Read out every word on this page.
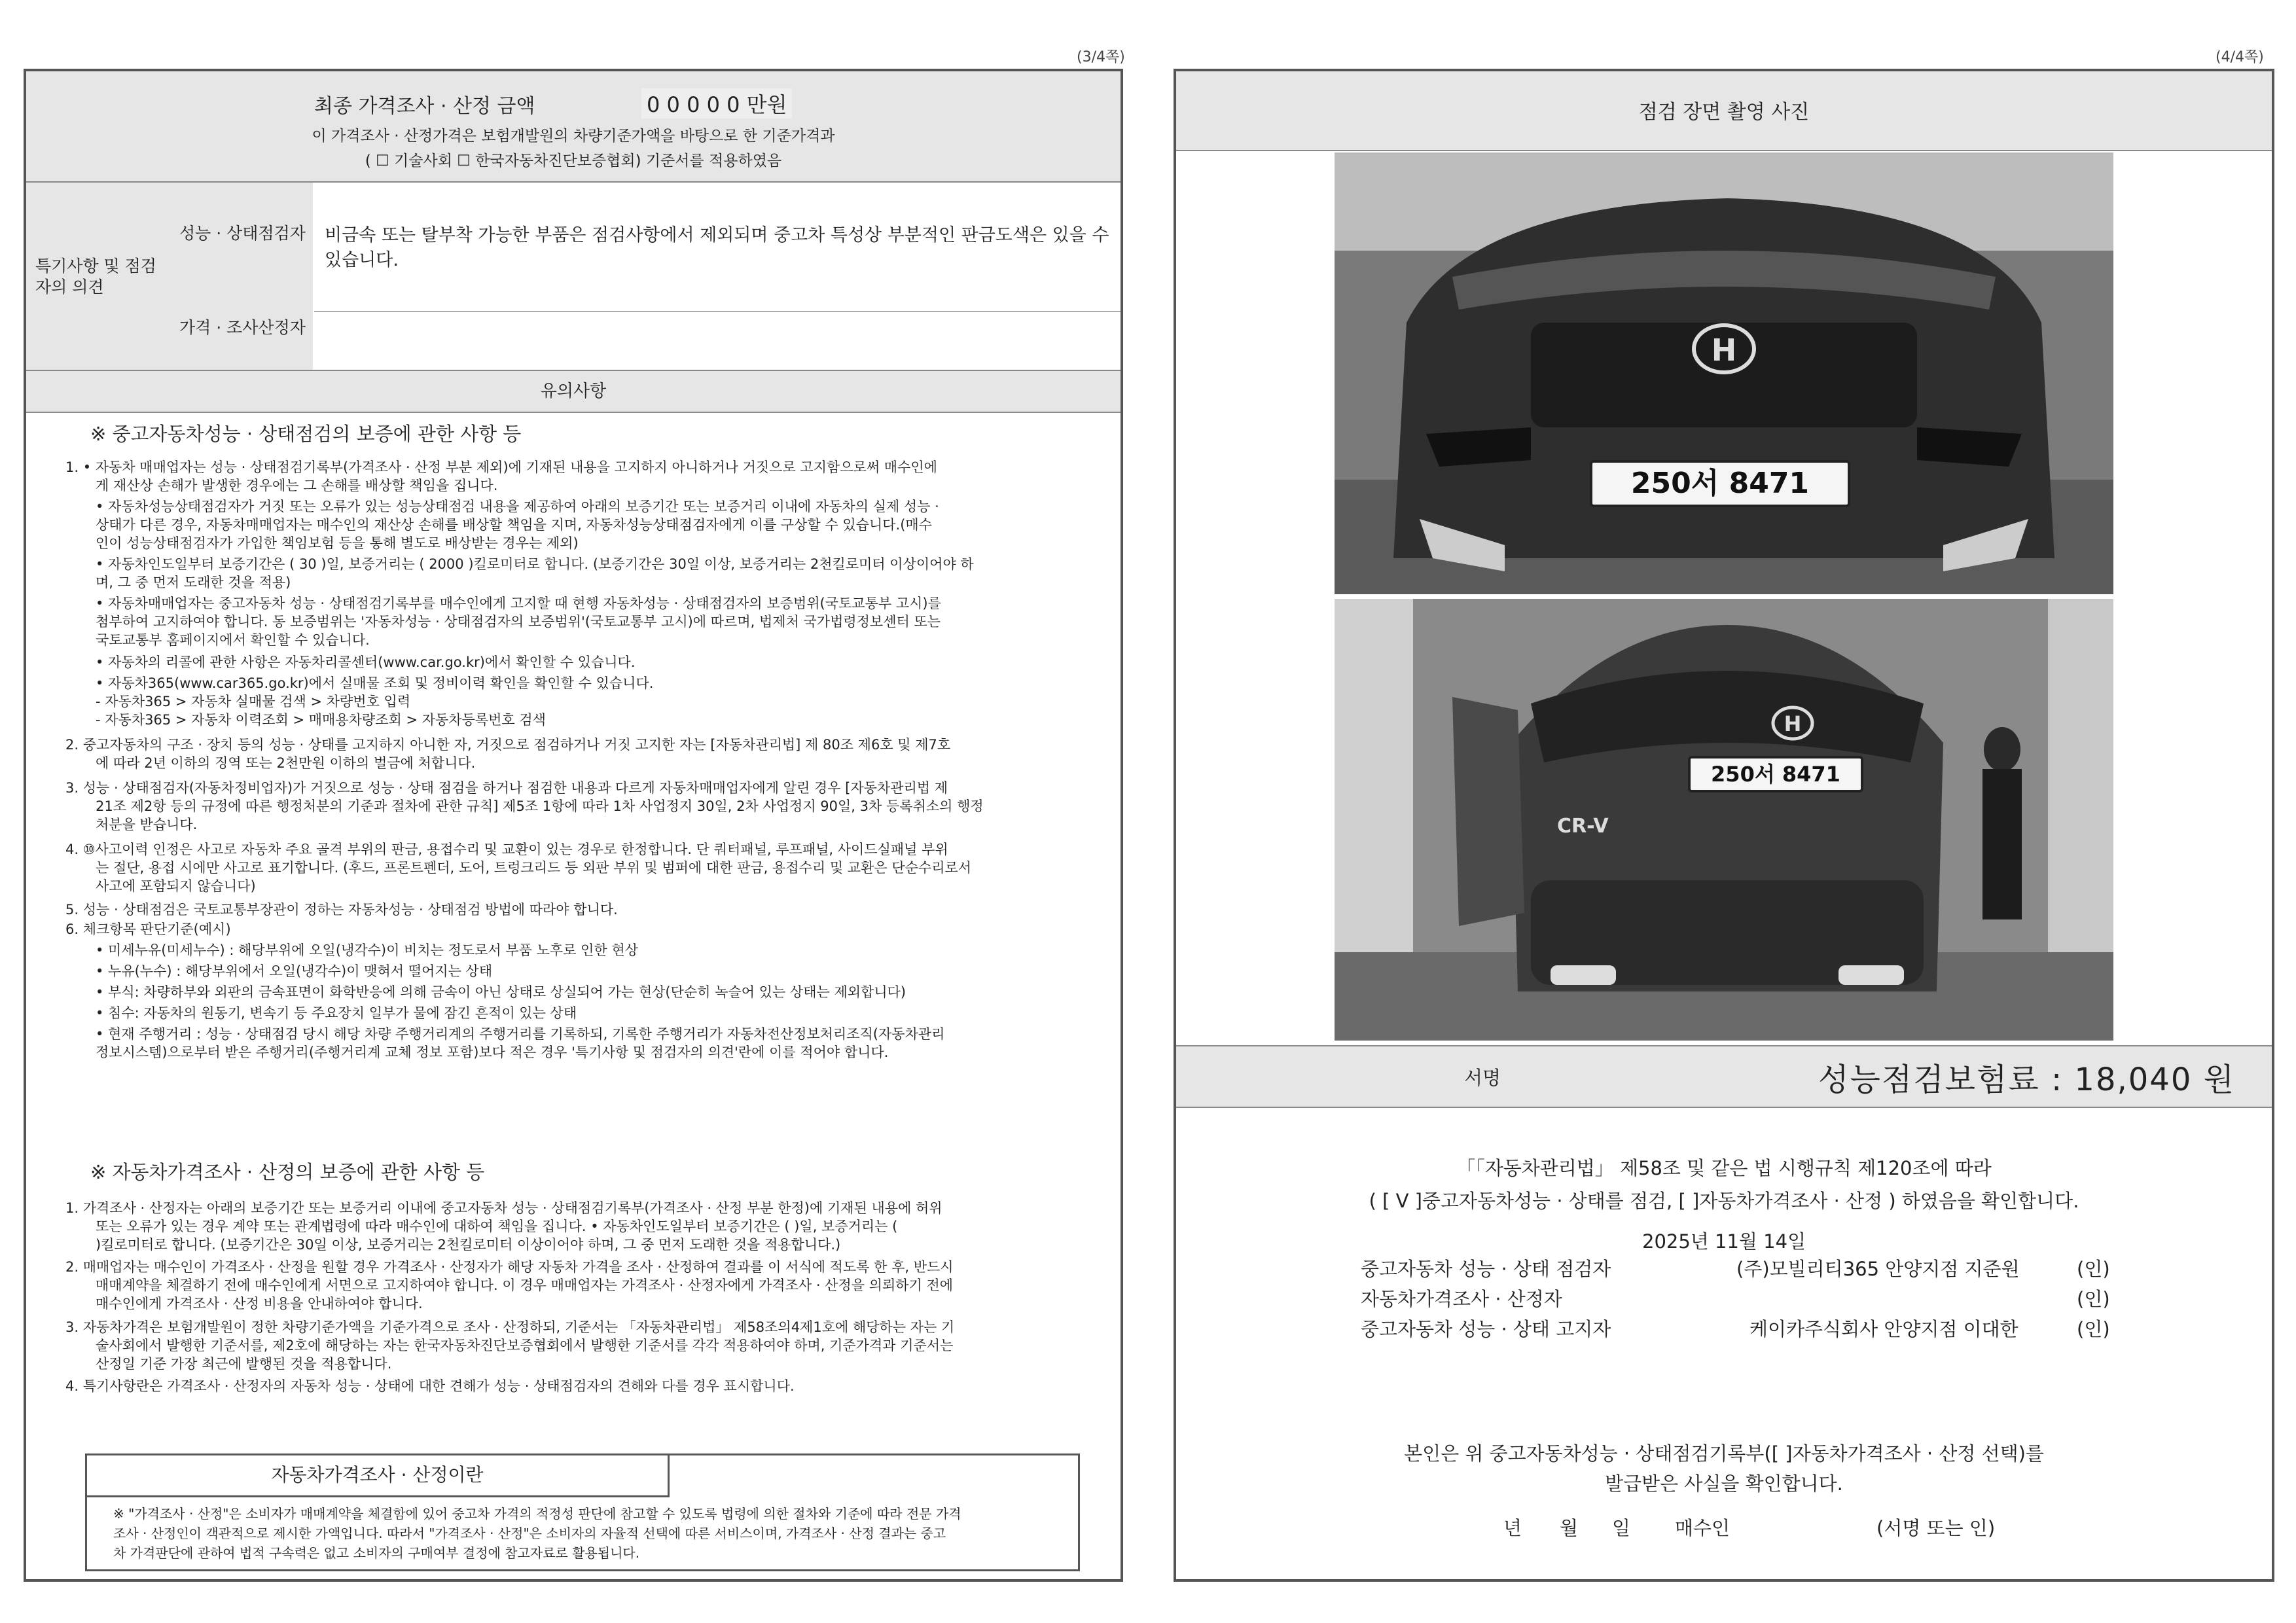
(3/4쪽)
최종 가격조사 · 산정 금액	0 0 0 0 0 만원
이 가격조사 · 산정가격은 보험개발원의 차량기준가액을 바탕으로 한 기준가격과
( ☐ 기술사회 ☐ 한국자동차진단보증협회) 기준서를 적용하였음
특기사항 및 점검자의 의견
성능 · 상태점검자 비금속 또는 탈부착 가능한 부품은 점검사항에서 제외되며 중고차 특성상 부분적인 판금도색은 있을 수 있습니다.
가격 · 조사산정자
유의사항
※ 중고자동차성능 · 상태점검의 보증에 관한 사항 등
1. • 자동차 매매업자는 성능 · 상태점검기록부(가격조사 · 산정 부분 제외)에 기재된 내용을 고지하지 아니하거나 거짓으로 고지함으로써 매수인에
게 재산상 손해가 발생한 경우에는 그 손해를 배상할 책임을 집니다.
• 자동차성능상태점검자가 거짓 또는 오류가 있는 성능상태점검 내용을 제공하여 아래의 보증기간 또는 보증거리 이내에 자동차의 실제 성능 ·
상태가 다른 경우, 자동차매매업자는 매수인의 재산상 손해를 배상할 책임을 지며, 자동차성능상태점검자에게 이를 구상할 수 있습니다.(매수
인이 성능상태점검자가 가입한 책임보험 등을 통해 별도로 배상받는 경우는 제외)
• 자동차인도일부터 보증기간은 ( 30 )일, 보증거리는 ( 2000 )킬로미터로 합니다. (보증기간은 30일 이상, 보증거리는 2천킬로미터 이상이어야 하
며, 그 중 먼저 도래한 것을 적용)
• 자동차매매업자는 중고자동차 성능 · 상태점검기록부를 매수인에게 고지할 때 현행 자동차성능 · 상태점검자의 보증범위(국토교통부 고시)를
첨부하여 고지하여야 합니다. 동 보증범위는 '자동차성능 · 상태점검자의 보증범위'(국토교통부 고시)에 따르며, 법제처 국가법령정보센터 또는
국토교통부 홈페이지에서 확인할 수 있습니다.
• 자동차의 리콜에 관한 사항은 자동차리콜센터(www.car.go.kr)에서 확인할 수 있습니다.
• 자동차365(www.car365.go.kr)에서 실매물 조회 및 정비이력 확인을 확인할 수 있습니다.
- 자동차365 > 자동차 실매물 검색 > 차량번호 입력
- 자동차365 > 자동차 이력조회 > 매매용차량조회 > 자동차등록번호 검색
2. 중고자동차의 구조 · 장치 등의 성능 · 상태를 고지하지 아니한 자, 거짓으로 점검하거나 거짓 고지한 자는 [자동차관리법] 제 80조 제6호 및 제7호
에 따라 2년 이하의 징역 또는 2천만원 이하의 벌금에 처합니다.
3. 성능 · 상태점검자(자동차정비업자)가 거짓으로 성능 · 상태 점검을 하거나 점검한 내용과 다르게 자동차매매업자에게 알린 경우 [자동차관리법 제
21조 제2항 등의 규정에 따른 행정처분의 기준과 절차에 관한 규칙] 제5조 1항에 따라 1차 사업정지 30일, 2차 사업정지 90일, 3차 등록취소의 행정
처분을 받습니다.
4. ⑩사고이력 인정은 사고로 자동차 주요 골격 부위의 판금, 용접수리 및 교환이 있는 경우로 한정합니다. 단 쿼터패널, 루프패널, 사이드실패널 부위
는 절단, 용접 시에만 사고로 표기합니다. (후드, 프론트펜더, 도어, 트렁크리드 등 외판 부위 및 범퍼에 대한 판금, 용접수리 및 교환은 단순수리로서
사고에 포함되지 않습니다)
5. 성능 · 상태점검은 국토교통부장관이 정하는 자동차성능 · 상태점검 방법에 따라야 합니다.
6. 체크항목 판단기준(예시)
• 미세누유(미세누수) : 해당부위에 오일(냉각수)이 비치는 정도로서 부품 노후로 인한 현상
• 누유(누수) : 해당부위에서 오일(냉각수)이 맺혀서 떨어지는 상태
• 부식: 차량하부와 외판의 금속표면이 화학반응에 의해 금속이 아닌 상태로 상실되어 가는 현상(단순히 녹슬어 있는 상태는 제외합니다)
• 침수: 자동차의 원동기, 변속기 등 주요장치 일부가 물에 잠긴 흔적이 있는 상태
• 현재 주행거리 : 성능 · 상태점검 당시 해당 차량 주행거리계의 주행거리를 기록하되, 기록한 주행거리가 자동차전산정보처리조직(자동차관리
정보시스템)으로부터 받은 주행거리(주행거리계 교체 정보 포함)보다 적은 경우 '특기사항 및 점검자의 의견'란에 이를 적어야 합니다.
※ 자동차가격조사 · 산정의 보증에 관한 사항 등
1. 가격조사 · 산정자는 아래의 보증기간 또는 보증거리 이내에 중고자동차 성능 · 상태점검기록부(가격조사 · 산정 부분 한정)에 기재된 내용에 허위
또는 오류가 있는 경우 계약 또는 관계법령에 따라 매수인에 대하여 책임을 집니다. • 자동차인도일부터 보증기간은 ( )일, 보증거리는 (
)킬로미터로 합니다. (보증기간은 30일 이상, 보증거리는 2천킬로미터 이상이어야 하며, 그 중 먼저 도래한 것을 적용합니다.)
2. 매매업자는 매수인이 가격조사 · 산정을 원할 경우 가격조사 · 산정자가 해당 자동차 가격을 조사 · 산정하여 결과를 이 서식에 적도록 한 후, 반드시
매매계약을 체결하기 전에 매수인에게 서면으로 고지하여야 합니다. 이 경우 매매업자는 가격조사 · 산정자에게 가격조사 · 산정을 의뢰하기 전에
매수인에게 가격조사 · 산정 비용을 안내하여야 합니다.
3. 자동차가격은 보험개발원이 정한 차량기준가액을 기준가격으로 조사 · 산정하되, 기준서는 「자동차관리법」 제58조의4제1호에 해당하는 자는 기
술사회에서 발행한 기준서를, 제2호에 해당하는 자는 한국자동차진단보증협회에서 발행한 기준서를 각각 적용하여야 하며, 기준가격과 기준서는
산정일 기준 가장 최근에 발행된 것을 적용합니다.
4. 특기사항란은 가격조사 · 산정자의 자동차 성능 · 상태에 대한 견해가 성능 · 상태점검자의 견해와 다를 경우 표시합니다.
자동차가격조사 · 산정이란
※ "가격조사 · 산정"은 소비자가 매매계약을 체결함에 있어 중고차 가격의 적정성 판단에 참고할 수 있도록 법령에 의한 절차와 기준에 따라 전문 가격
조사 · 산정인이 객관적으로 제시한 가액입니다. 따라서 "가격조사 · 산정"은 소비자의 자율적 선택에 따른 서비스이며, 가격조사 · 산정 결과는 중고
차 가격판단에 관하여 법적 구속력은 없고 소비자의 구매여부 결정에 참고자료로 활용됩니다.
(4/4쪽)
점검 장면 촬영 사진
H
250서 8471
H
250서 8471
CR-V
서명	성능점검보험료 : 18,040 원
「「자동차관리법」 제58조 및 같은 법 시행규칙 제120조에 따라
( [ V ]중고자동차성능 · 상태를 점검, [ ]자동차가격조사 · 산정 ) 하였음을 확인합니다.
2025년 11월 14일
중고자동차 성능 · 상태 점검자	(주)모빌리티365 안양지점 지준원	(인)
자동차가격조사 · 산정자	(인)
중고자동차 성능 · 상태 고지자	케이카주식회사 안양지점 이대한	(인)
본인은 위 중고자동차성능 · 상태점검기록부([ ]자동차가격조사 · 산정 선택)를
발급받은 사실을 확인합니다.
년 월 일 매수인	(서명 또는 인)
